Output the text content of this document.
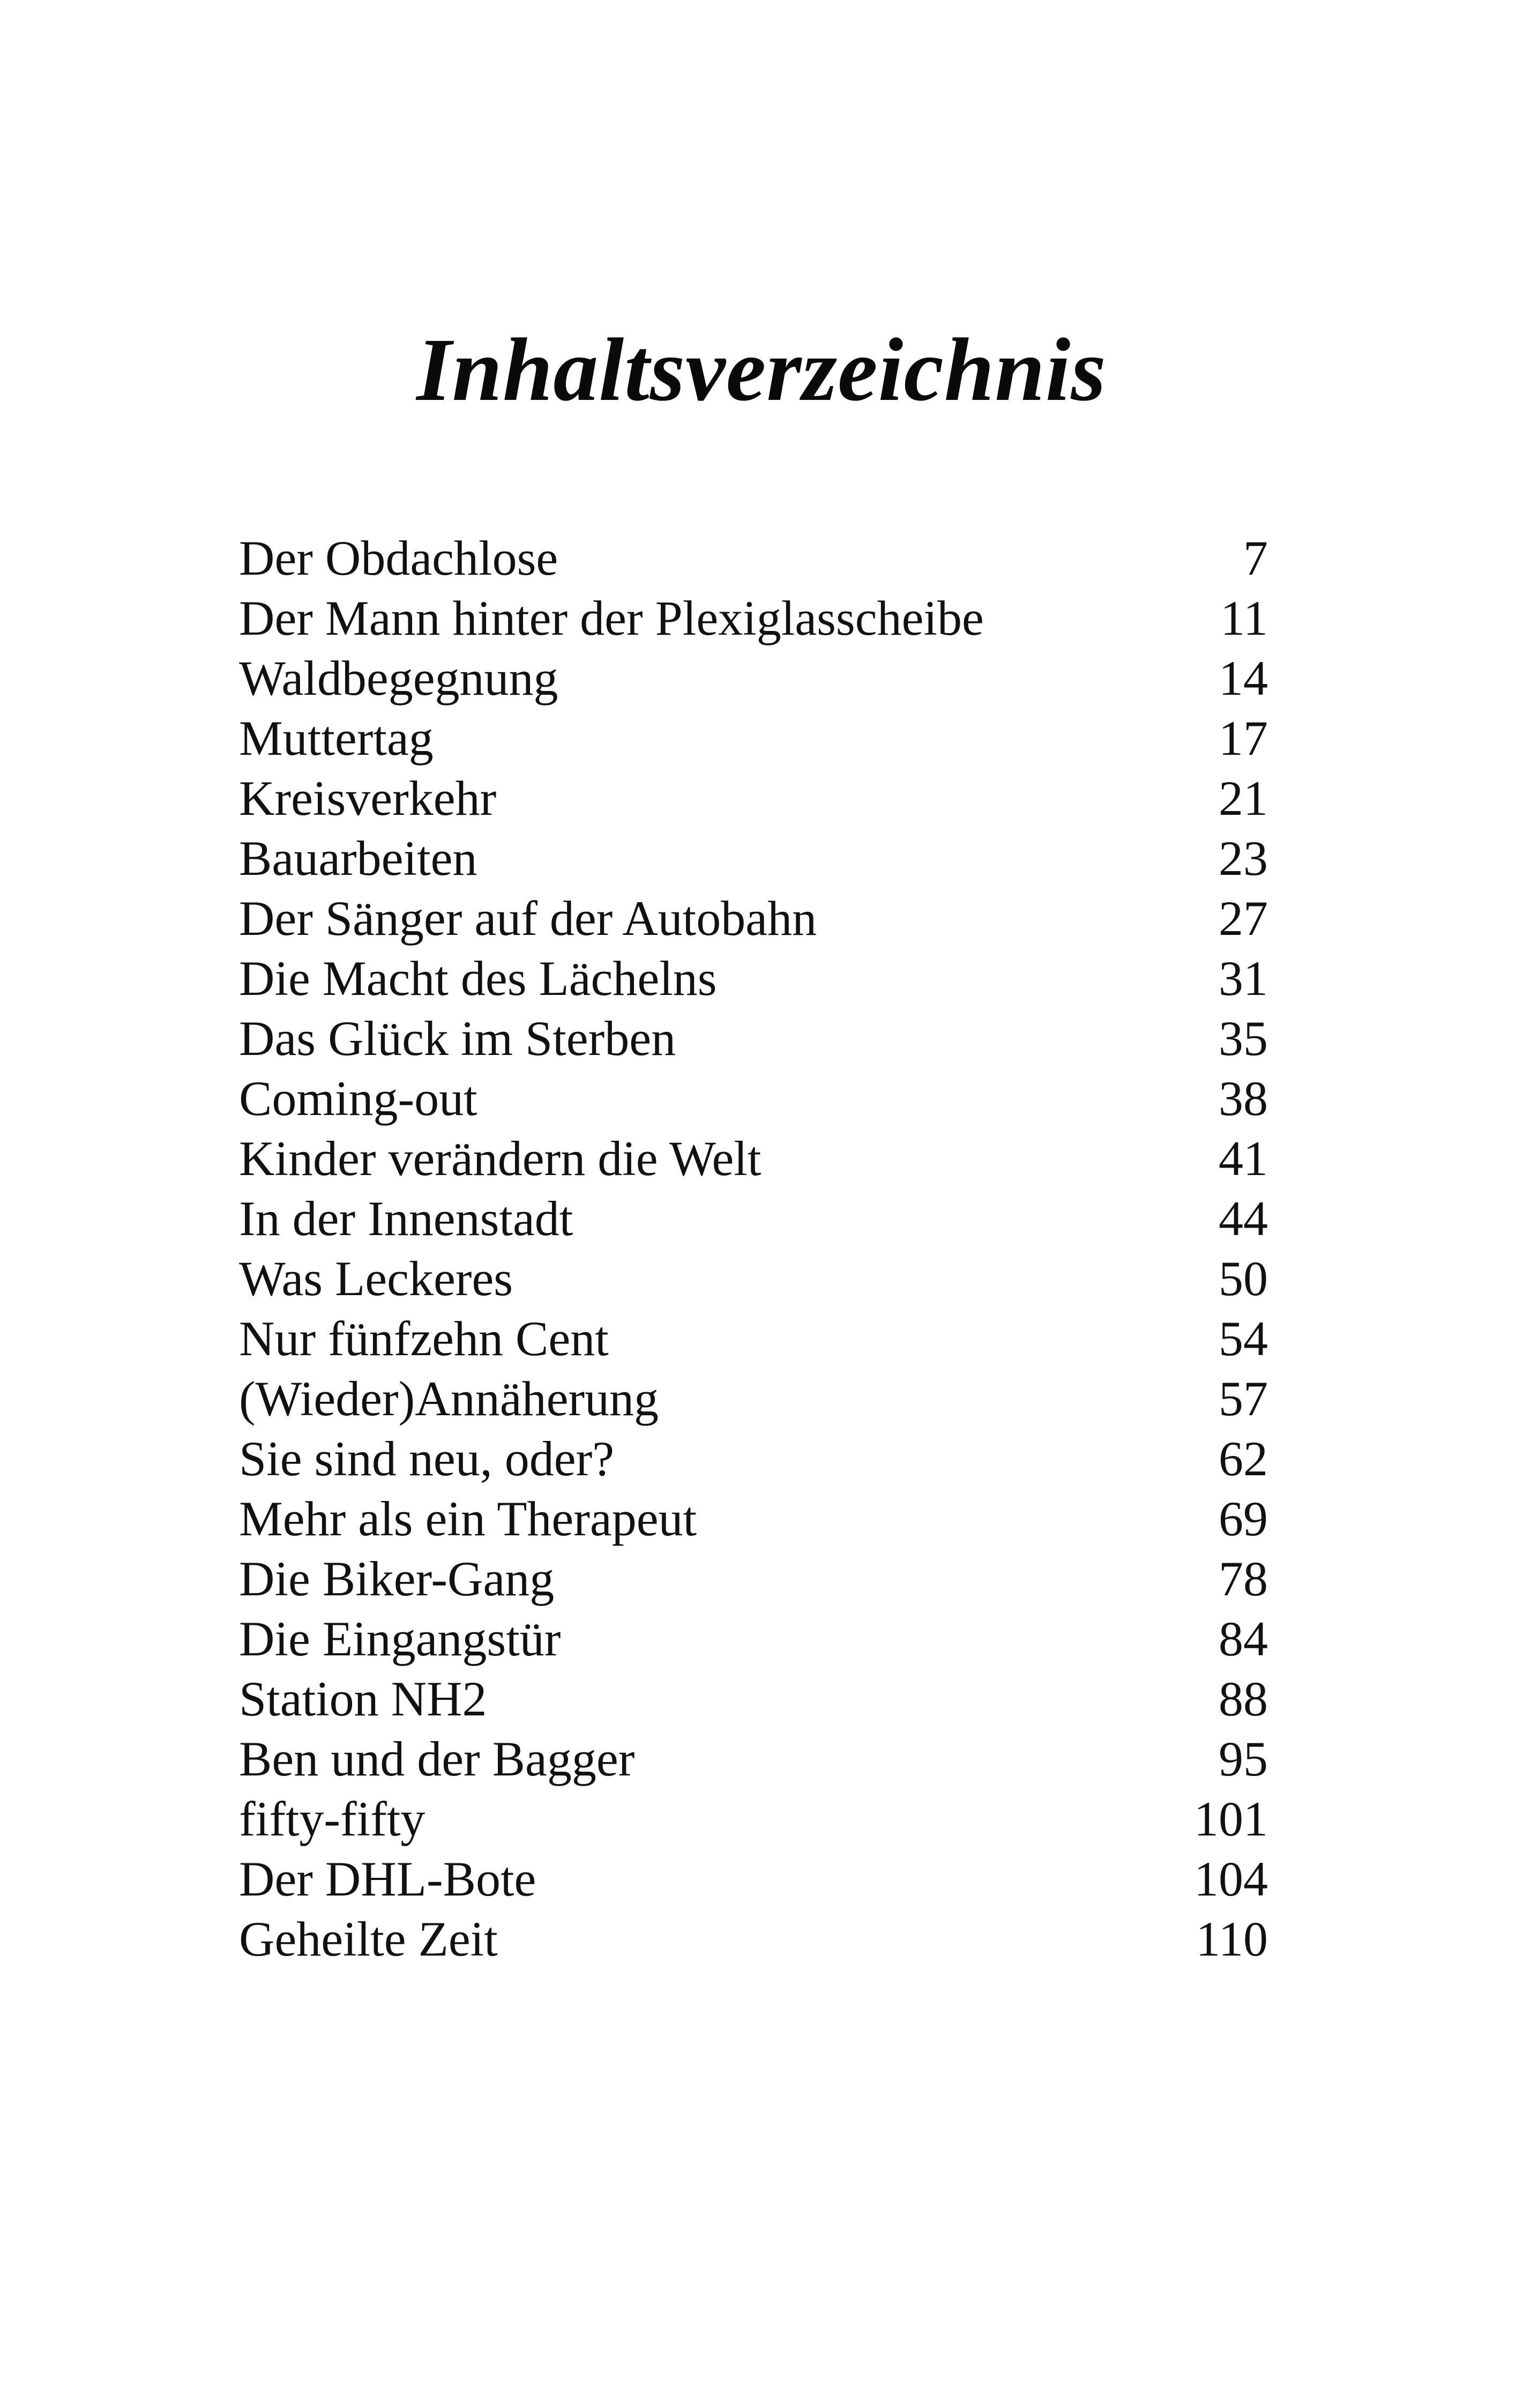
Inhaltsverzeichnis
Der Obdachlose	7
Der Mann hinter der Plexiglasscheibe	11
Waldbegegnung	14
Muttertag	17
Kreisverkehr	21
Bauarbeiten	23
Der Sänger auf der Autobahn	27
Die Macht des Lächelns	31
Das Glück im Sterben	35
Coming-out	38
Kinder verändern die Welt	41
In der Innenstadt	44
Was Leckeres	50
Nur fünfzehn Cent	54
(Wieder)Annäherung	57
Sie sind neu, oder?	62
Mehr als ein Therapeut	69
Die Biker-Gang	78
Die Eingangstür	84
Station NH2	88
Ben und der Bagger	95
fifty-fifty	101
Der DHL-Bote	104
Geheilte Zeit	110
